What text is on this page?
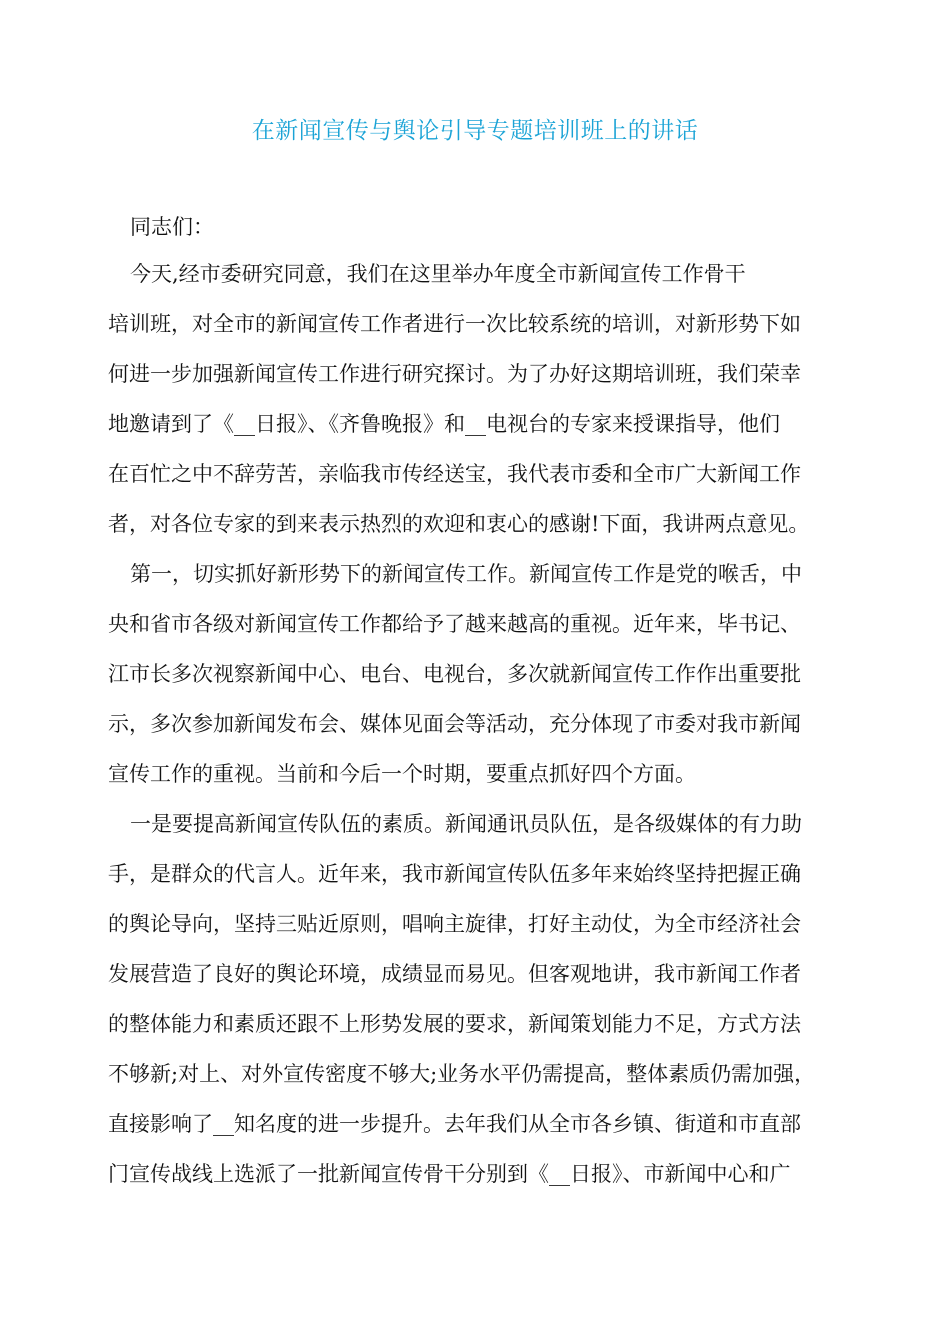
在新闻宣传与舆论引导专题培训班上的讲话
同志们：
今天,经市委研究同意，我们在这里举办年度全市新闻宣传工作骨干
培训班，对全市的新闻宣传工作者进行一次比较系统的培训，对新形势下如
何进一步加强新闻宣传工作进行研究探讨。为了办好这期培训班，我们荣幸
地邀请到了《__日报》、《齐鲁晚报》和__电视台的专家来授课指导，他们
在百忙之中不辞劳苦，亲临我市传经送宝，我代表市委和全市广大新闻工作
者，对各位专家的到来表示热烈的欢迎和衷心的感谢!下面，我讲两点意见。
第一，切实抓好新形势下的新闻宣传工作。新闻宣传工作是党的喉舌，中
央和省市各级对新闻宣传工作都给予了越来越高的重视。近年来，毕书记、
江市长多次视察新闻中心、电台、电视台，多次就新闻宣传工作作出重要批
示，多次参加新闻发布会、媒体见面会等活动，充分体现了市委对我市新闻
宣传工作的重视。当前和今后一个时期，要重点抓好四个方面。
一是要提高新闻宣传队伍的素质。新闻通讯员队伍，是各级媒体的有力助
手，是群众的代言人。近年来，我市新闻宣传队伍多年来始终坚持把握正确
的舆论导向，坚持三贴近原则，唱响主旋律，打好主动仗，为全市经济社会
发展营造了良好的舆论环境，成绩显而易见。但客观地讲，我市新闻工作者
的整体能力和素质还跟不上形势发展的要求，新闻策划能力不足，方式方法
不够新;对上、对外宣传密度不够大;业务水平仍需提高，整体素质仍需加强，
直接影响了__知名度的进一步提升。去年我们从全市各乡镇、街道和市直部
门宣传战线上选派了一批新闻宣传骨干分别到《__日报》、市新闻中心和广
